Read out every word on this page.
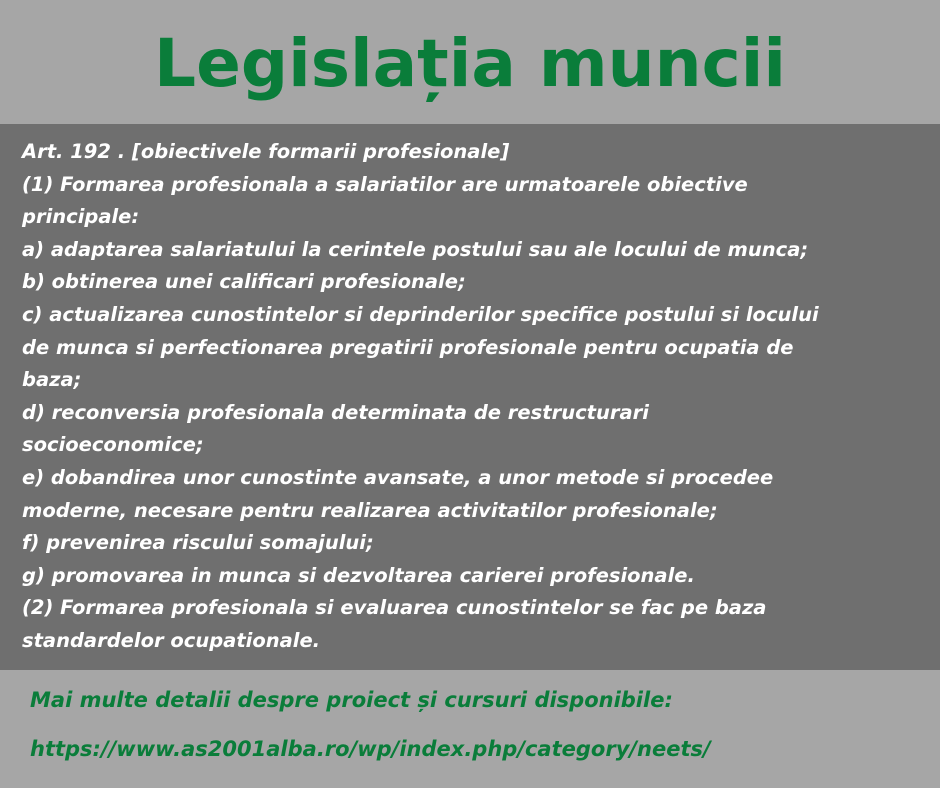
Legislația muncii

Art. 192 . [obiectivele formarii profesionale]

(1) Formarea profesionala a salariatilor are urmatoarele obiective

principale:

a) adaptarea salariatului la cerintele postului sau ale locului de munca;

b) obtinerea unei calificari profesionale;

c) actualizarea cunostintelor si deprinderilor specifice postului si locului

de munca si perfectionarea pregatirii profesionale pentru ocupatia de

baza;

d) reconversia profesionala determinata de restructurari

socioeconomice;

e) dobandirea unor cunostinte avansate, a unor metode si procedee

moderne, necesare pentru realizarea activitatilor profesionale;

f) prevenirea riscului somajului;

g) promovarea in munca si dezvoltarea carierei profesionale.

(2) Formarea profesionala si evaluarea cunostintelor se fac pe baza

standardelor ocupationale.

Mai multe detalii despre proiect și cursuri disponibile:

https://www.as2001alba.ro/wp/index.php/category/neets/
